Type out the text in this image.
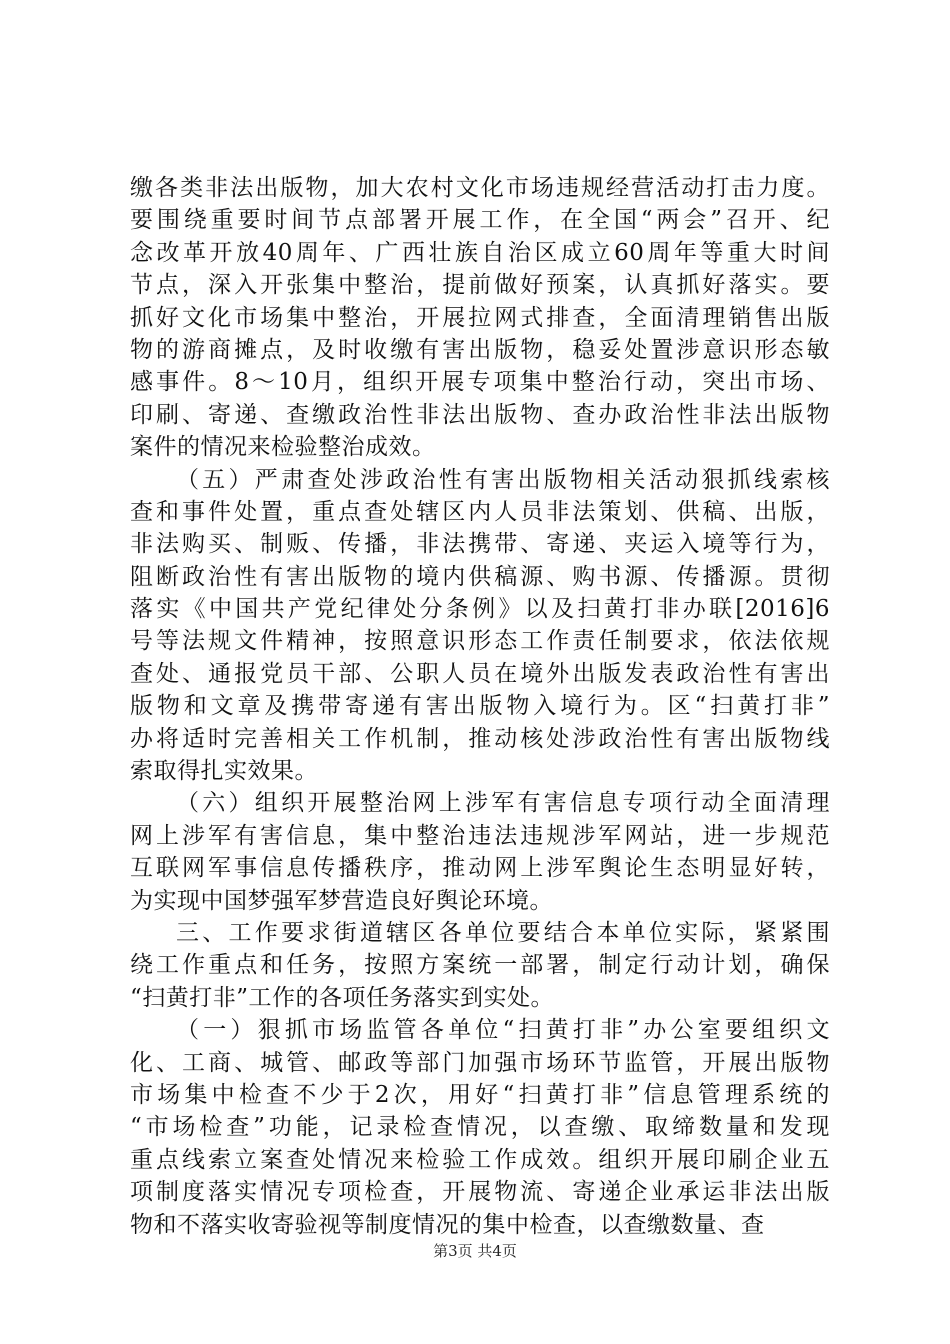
缴各类非法出版物，加大农村文化市场违规经营活动打击力度。
要围绕重要时间节点部署开展工作，在全国“两会”召开、纪
念改革开放40周年、广西壮族自治区成立60周年等重大时间
节点，深入开张集中整治，提前做好预案，认真抓好落实。要
抓好文化市场集中整治，开展拉网式排查，全面清理销售出版
物的游商摊点，及时收缴有害出版物，稳妥处置涉意识形态敏
感事件。8～10月，组织开展专项集中整治行动，突出市场、
印刷、寄递、查缴政治性非法出版物、查办政治性非法出版物
案件的情况来检验整治成效。
（五）严肃查处涉政治性有害出版物相关活动狠抓线索核
查和事件处置，重点查处辖区内人员非法策划、供稿、出版，
非法购买、制贩、传播，非法携带、寄递、夹运入境等行为，
阻断政治性有害出版物的境内供稿源、购书源、传播源。贯彻
落实《中国共产党纪律处分条例》以及扫黄打非办联[2016]6
号等法规文件精神，按照意识形态工作责任制要求，依法依规
查处、通报党员干部、公职人员在境外出版发表政治性有害出
版物和文章及携带寄递有害出版物入境行为。区“扫黄打非”
办将适时完善相关工作机制，推动核处涉政治性有害出版物线
索取得扎实效果。
（六）组织开展整治网上涉军有害信息专项行动全面清理
网上涉军有害信息，集中整治违法违规涉军网站，进一步规范
互联网军事信息传播秩序，推动网上涉军舆论生态明显好转，
为实现中国梦强军梦营造良好舆论环境。
三、工作要求街道辖区各单位要结合本单位实际，紧紧围
绕工作重点和任务，按照方案统一部署，制定行动计划，确保
“扫黄打非”工作的各项任务落实到实处。
（一）狠抓市场监管各单位“扫黄打非”办公室要组织文
化、工商、城管、邮政等部门加强市场环节监管，开展出版物
市场集中检查不少于2次，用好“扫黄打非”信息管理系统的
“市场检查”功能，记录检查情况，以查缴、取缔数量和发现
重点线索立案查处情况来检验工作成效。组织开展印刷企业五
项制度落实情况专项检查，开展物流、寄递企业承运非法出版
物和不落实收寄验视等制度情况的集中检查，以查缴数量、查
第3页 共4页
